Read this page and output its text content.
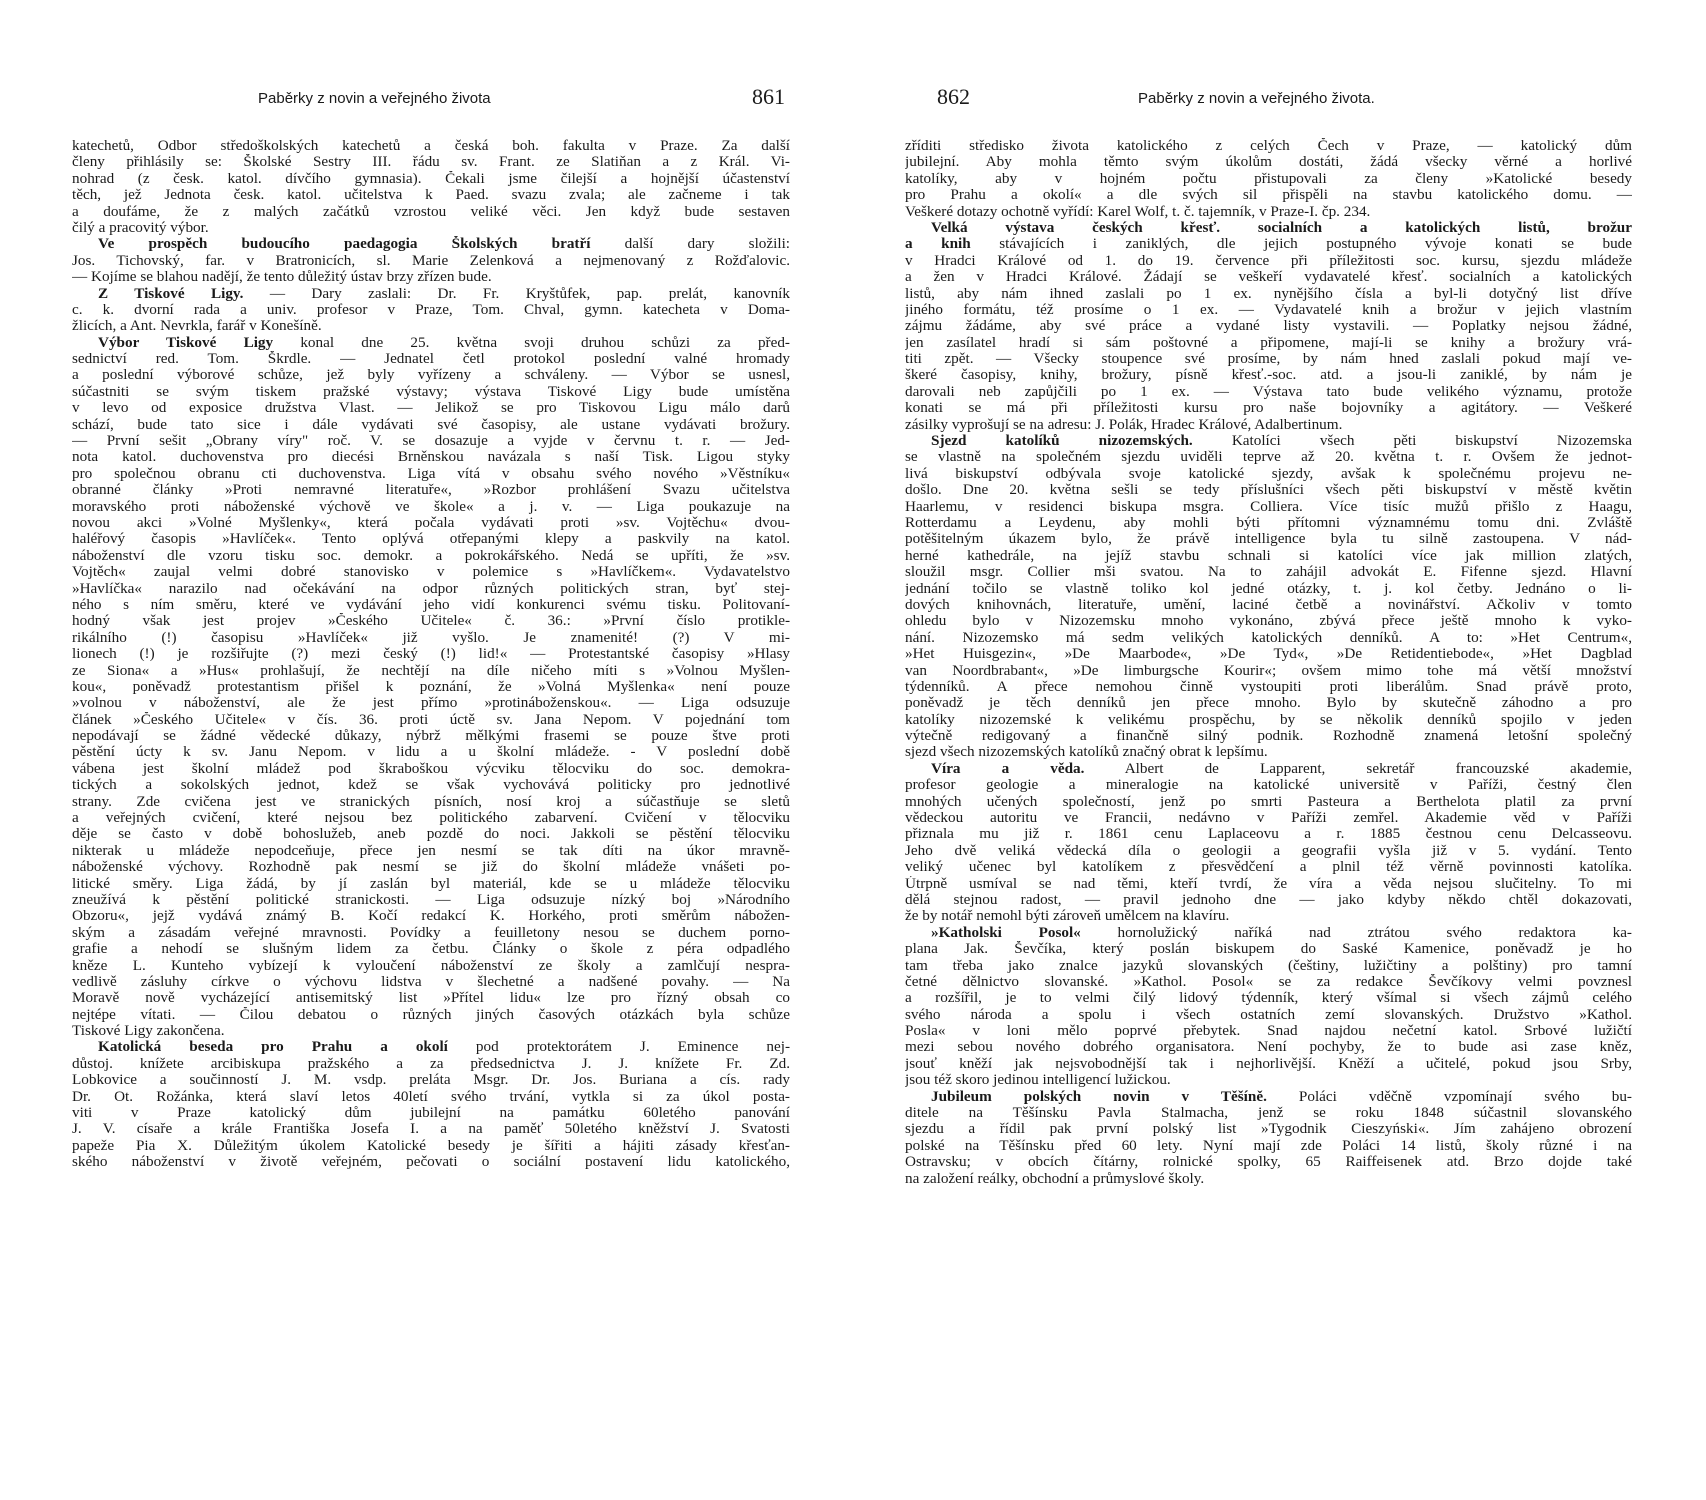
Paběrky z novin a veřejného života	861
katechetů, Odbor středoškolských katechetů a česká boh. fakulta v Praze. Za další
členy přihlásily se: Školské Sestry III. řádu sv. Frant. ze Slatiňan a z Král. Vi-
nohrad (z česk. katol. dívčího gymnasia). Čekali jsme čilejší a hojnější účastenství
těch, jež Jednota česk. katol. učitelstva k Paed. svazu zvala; ale začneme i tak
a doufáme, že z malých začátků vzrostou veliké věci. Jen když bude sestaven
čilý a pracovitý výbor.
Ve prospěch budoucího paedagogia Školských bratří další dary složili:
Jos. Tichovský, far. v Bratronicích, sl. Marie Zelenková a nejmenovaný z Rožďalovic.
— Kojíme se blahou nadějí, že tento důležitý ústav brzy zřízen bude.
Z Tiskové Ligy. — Dary zaslali: Dr. Fr. Kryštůfek, pap. prelát, kanovník
c. k. dvorní rada a univ. profesor v Praze, Tom. Chval, gymn. katecheta v Doma-
žlicích, a Ant. Nevrkla, farář v Konešíně.
Výbor Tiskové Ligy konal dne 25. května svoji druhou schůzi za před-
sednictví red. Tom. Škrdle. — Jednatel četl protokol poslední valné hromady
a poslední výborové schůze, jež byly vyřízeny a schváleny. — Výbor se usnesl,
súčastniti se svým tiskem pražské výstavy; výstava Tiskové Ligy bude umístěna
v levo od exposice družstva Vlast. — Jelikož se pro Tiskovou Ligu málo darů
schází, bude tato sice i dále vydávati své časopisy, ale ustane vydávati brožury.
— První sešit „Obrany víry" roč. V. se dosazuje a vyjde v červnu t. r. — Jed-
nota katol. duchovenstva pro diecési Brněnskou navázala s naší Tisk. Ligou styky
pro společnou obranu cti duchovenstva. Liga vítá v obsahu svého nového »Věstníku«
obranné články »Proti nemravné literatuře«, »Rozbor prohlášení Svazu učitelstva
moravského proti náboženské výchově ve škole« a j. v. — Liga poukazuje na
novou akci »Volné Myšlenky«, která počala vydávati proti »sv. Vojtěchu« dvou-
haléřový časopis »Havlíček«. Tento oplývá otřepanými klepy a paskvily na katol.
náboženství dle vzoru tisku soc. demokr. a pokrokářského. Nedá se upříti, že »sv.
Vojtěch« zaujal velmi dobré stanovisko v polemice s »Havlíčkem«. Vydavatelstvo
»Havlíčka« narazilo nad očekávání na odpor různých politických stran, byť stej-
ného s ním směru, které ve vydávání jeho vidí konkurenci svému tisku. Politovaní-
hodný však jest projev »Českého Učitele« č. 36.: »První číslo protikle-
rikálního (!) časopisu »Havlíček« již vyšlo. Je znamenité! (?) V mi-
lionech (!) je rozšiřujte (?) mezi český (!) lid!« — Protestantské časopisy »Hlasy
ze Siona« a »Hus« prohlašují, že nechtějí na díle ničeho míti s »Volnou Myšlen-
kou«, poněvadž protestantism přišel k poznání, že »Volná Myšlenka« není pouze
»volnou v náboženství, ale že jest přímo »protináboženskou«. — Liga odsuzuje
článek »Českého Učitele« v čís. 36. proti úctě sv. Jana Nepom. V pojednání tom
nepodávají se žádné vědecké důkazy, nýbrž mělkými frasemi se pouze štve proti
pěstění úcty k sv. Janu Nepom. v lidu a u školní mládeže. - V poslední době
vábena jest školní mládež pod škraboškou výcviku tělocviku do soc. demokra-
tických a sokolských jednot, kdež se však vychovává politicky pro jednotlivé
strany. Zde cvičena jest ve stranických písních, nosí kroj a súčastňuje se sletů
a veřejných cvičení, které nejsou bez politického zabarvení. Cvičení v tělocviku
děje se často v době bohoslužeb, aneb pozdě do noci. Jakkoli se pěstění tělocviku
nikterak u mládeže nepodceňuje, přece jen nesmí se tak díti na úkor mravně-
náboženské výchovy. Rozhodně pak nesmí se již do školní mládeže vnášeti po-
litické směry. Liga žádá, by jí zaslán byl materiál, kde se u mládeže tělocviku
zneužívá k pěstění politické stranickosti. — Liga odsuzuje nízký boj »Národního
Obzoru«, jejž vydává známý B. Kočí redakcí K. Horkého, proti směrům nábožen-
ským a zásadám veřejné mravnosti. Povídky a feuilletony nesou se duchem porno-
grafie a nehodí se slušným lidem za četbu. Články o škole z péra odpadlého
kněze L. Kunteho vybízejí k vyloučení náboženství ze školy a zamlčují nespra-
vedlivě zásluhy církve o výchovu lidstva v šlechetné a nadšené povahy. — Na
Moravě nově vycházející antisemitský list »Přítel lidu« lze pro řízný obsah co
nejtépe vítati. — Čilou debatou o různých jiných časových otázkách byla schůze
Tiskové Ligy zakončena.
Katolická beseda pro Prahu a okolí pod protektorátem J. Eminence nej-
důstoj. knížete arcibiskupa pražského a za předsednictva J. J. knížete Fr. Zd.
Lobkovice a součinností J. M. vsdp. preláta Msgr. Dr. Jos. Buriana a cís. rady
Dr. Ot. Rožánka, která slaví letos 40letí svého trvání, vytkla si za úkol posta-
viti v Praze katolický dům jubilejní na památku 60letého panování
J. V. císaře a krále Františka Josefa I. a na paměť 50letého kněžství J. Svatosti
papeže Pia X. Důležitým úkolem Katolické besedy je šířiti a hájiti zásady křesťan-
ského náboženství v životě veřejném, pečovati o sociální postavení lidu katolického,
862	Paběrky z novin a veřejného života.
zříditi středisko života katolického z celých Čech v Praze, — katolický dům
jubilejní. Aby mohla těmto svým úkolům dostáti, žádá všecky věrné a horlivé
katolíky, aby v hojném počtu přistupovali za členy »Katolické besedy
pro Prahu a okolí« a dle svých sil přispěli na stavbu katolického domu. —
Veškeré dotazy ochotně vyřídí: Karel Wolf, t. č. tajemník, v Praze-I. čp. 234.
Velká výstava českých křesť. socialních a katolických listů, brožur
a knih stávajících i zaniklých, dle jejich postupného vývoje konati se bude
v Hradci Králové od 1. do 19. července při příležitosti soc. kursu, sjezdu mládeže
a žen v Hradci Králové. Žádají se veškeří vydavatelé křesť. socialních a katolických
listů, aby nám ihned zaslali po 1 ex. nynějšího čísla a byl-li dotyčný list dříve
jiného formátu, též prosíme o 1 ex. — Vydavatelé knih a brožur v jejich vlastním
zájmu žádáme, aby své práce a vydané listy vystavili. — Poplatky nejsou žádné,
jen zasílatel hradí si sám poštovné a připomene, mají-li se knihy a brožury vrá-
titi zpět. — Všecky stoupence své prosíme, by nám hned zaslali pokud mají ve-
škeré časopisy, knihy, brožury, písně křesť.-soc. atd. a jsou-li zaniklé, by nám je
darovali neb zapůjčili po 1 ex. — Výstava tato bude velikého významu, protože
konati se má při příležitosti kursu pro naše bojovníky a agitátory. — Veškeré
zásilky vyprošují se na adresu: J. Polák, Hradec Králové, Adalbertinum.
Sjezd katolíků nizozemských. Katolíci všech pěti biskupství Nizozemska
se vlastně na společném sjezdu uviděli teprve až 20. května t. r. Ovšem že jednot-
livá biskupství odbývala svoje katolické sjezdy, avšak k společnému projevu ne-
došlo. Dne 20. května sešli se tedy příslušníci všech pěti biskupství v městě květin
Haarlemu, v residenci biskupa msgra. Colliera. Více tisíc mužů přišlo z Haagu,
Rotterdamu a Leydenu, aby mohli býti přítomni významnému tomu dni. Zvláště
potěšitelným úkazem bylo, že právě intelligence byla tu silně zastoupena. V nád-
herné kathedrále, na jejíž stavbu schnali si katolíci více jak million zlatých,
sloužil msgr. Collier mši svatou. Na to zahájil advokát E. Fifenne sjezd. Hlavní
jednání točilo se vlastně toliko kol jedné otázky, t. j. kol četby. Jednáno o li-
dových knihovnách, literatuře, umění, laciné četbě a novinářství. Ačkoliv v tomto
ohledu bylo v Nizozemsku mnoho vykonáno, zbývá přece ještě mnoho k vyko-
nání. Nizozemsko má sedm velikých katolických denníků. A to: »Het Centrum«,
»Het Huisgezin«, »De Maarbode«, »De Tyd«, »De Retidentiebode«, »Het Dagblad
van Noordbrabant«, »De limburgsche Kourir«; ovšem mimo tohe má větší množství
týdenníků. A přece nemohou činně vystoupiti proti liberálům. Snad právě proto,
poněvadž je těch denníků jen přece mnoho. Bylo by skutečně záhodno a pro
katolíky nizozemské k velikému prospěchu, by se několik denníků spojilo v jeden
výtečně redigovaný a finančně silný podnik. Rozhodně znamená letošní společný
sjezd všech nizozemských katolíků značný obrat k lepšímu.
Víra a věda. Albert de Lapparent, sekretář francouzské akademie,
profesor geologie a mineralogie na katolické universitě v Paříži, čestný člen
mnohých učených společností, jenž po smrti Pasteura a Berthelota platil za první
vědeckou autoritu ve Francii, nedávno v Paříži zemřel. Akademie věd v Paříži
přiznala mu již r. 1861 cenu Laplaceovu a r. 1885 čestnou cenu Delcasseovu.
Jeho dvě veliká vědecká díla o geologii a geografii vyšla již v 5. vydání. Tento
veliký učenec byl katolíkem z přesvědčení a plnil též věrně povinnosti katolíka.
Útrpně usmíval se nad těmi, kteří tvrdí, že víra a věda nejsou slučitelny. To mi
dělá stejnou radost, — pravil jednoho dne — jako kdyby někdo chtěl dokazovati,
že by notář nemohl býti zároveň umělcem na klavíru.
»Katholski Posol« hornolužický naříká nad ztrátou svého redaktora ka-
plana Jak. Ševčíka, který poslán biskupem do Saské Kamenice, poněvadž je ho
tam třeba jako znalce jazyků slovanských (češtiny, lužičtiny a polštiny) pro tamní
četné dělnictvo slovanské. »Kathol. Posol« se za redakce Ševčíkovy velmi povznesl
a rozšířil, je to velmi čilý lidový týdenník, který všímal si všech zájmů celého
svého národa a spolu i všech ostatních zemí slovanských. Družstvo »Kathol.
Posla« v loni mělo poprvé přebytek. Snad najdou nečetní katol. Srbové lužičtí
mezi sebou nového dobrého organisatora. Není pochyby, že to bude asi zase kněz,
jsouť kněží jak nejsvobodnější tak i nejhorlivější. Kněží a učitelé, pokud jsou Srby,
jsou též skoro jedinou intelligencí lužickou.
Jubileum polských novin v Těšíně. Poláci vděčně vzpomínají svého bu-
ditele na Těšínsku Pavla Stalmacha, jenž se roku 1848 súčastnil slovanského
sjezdu a řídil pak první polský list »Tygodnik Cieszyński«. Jím zahájeno obrození
polské na Těšínsku před 60 lety. Nyní mají zde Poláci 14 listů, školy různé i na
Ostravsku; v obcích čítárny, rolnické spolky, 65 Raiffeisenek atd. Brzo dojde také
na založení reálky, obchodní a průmyslové školy.
